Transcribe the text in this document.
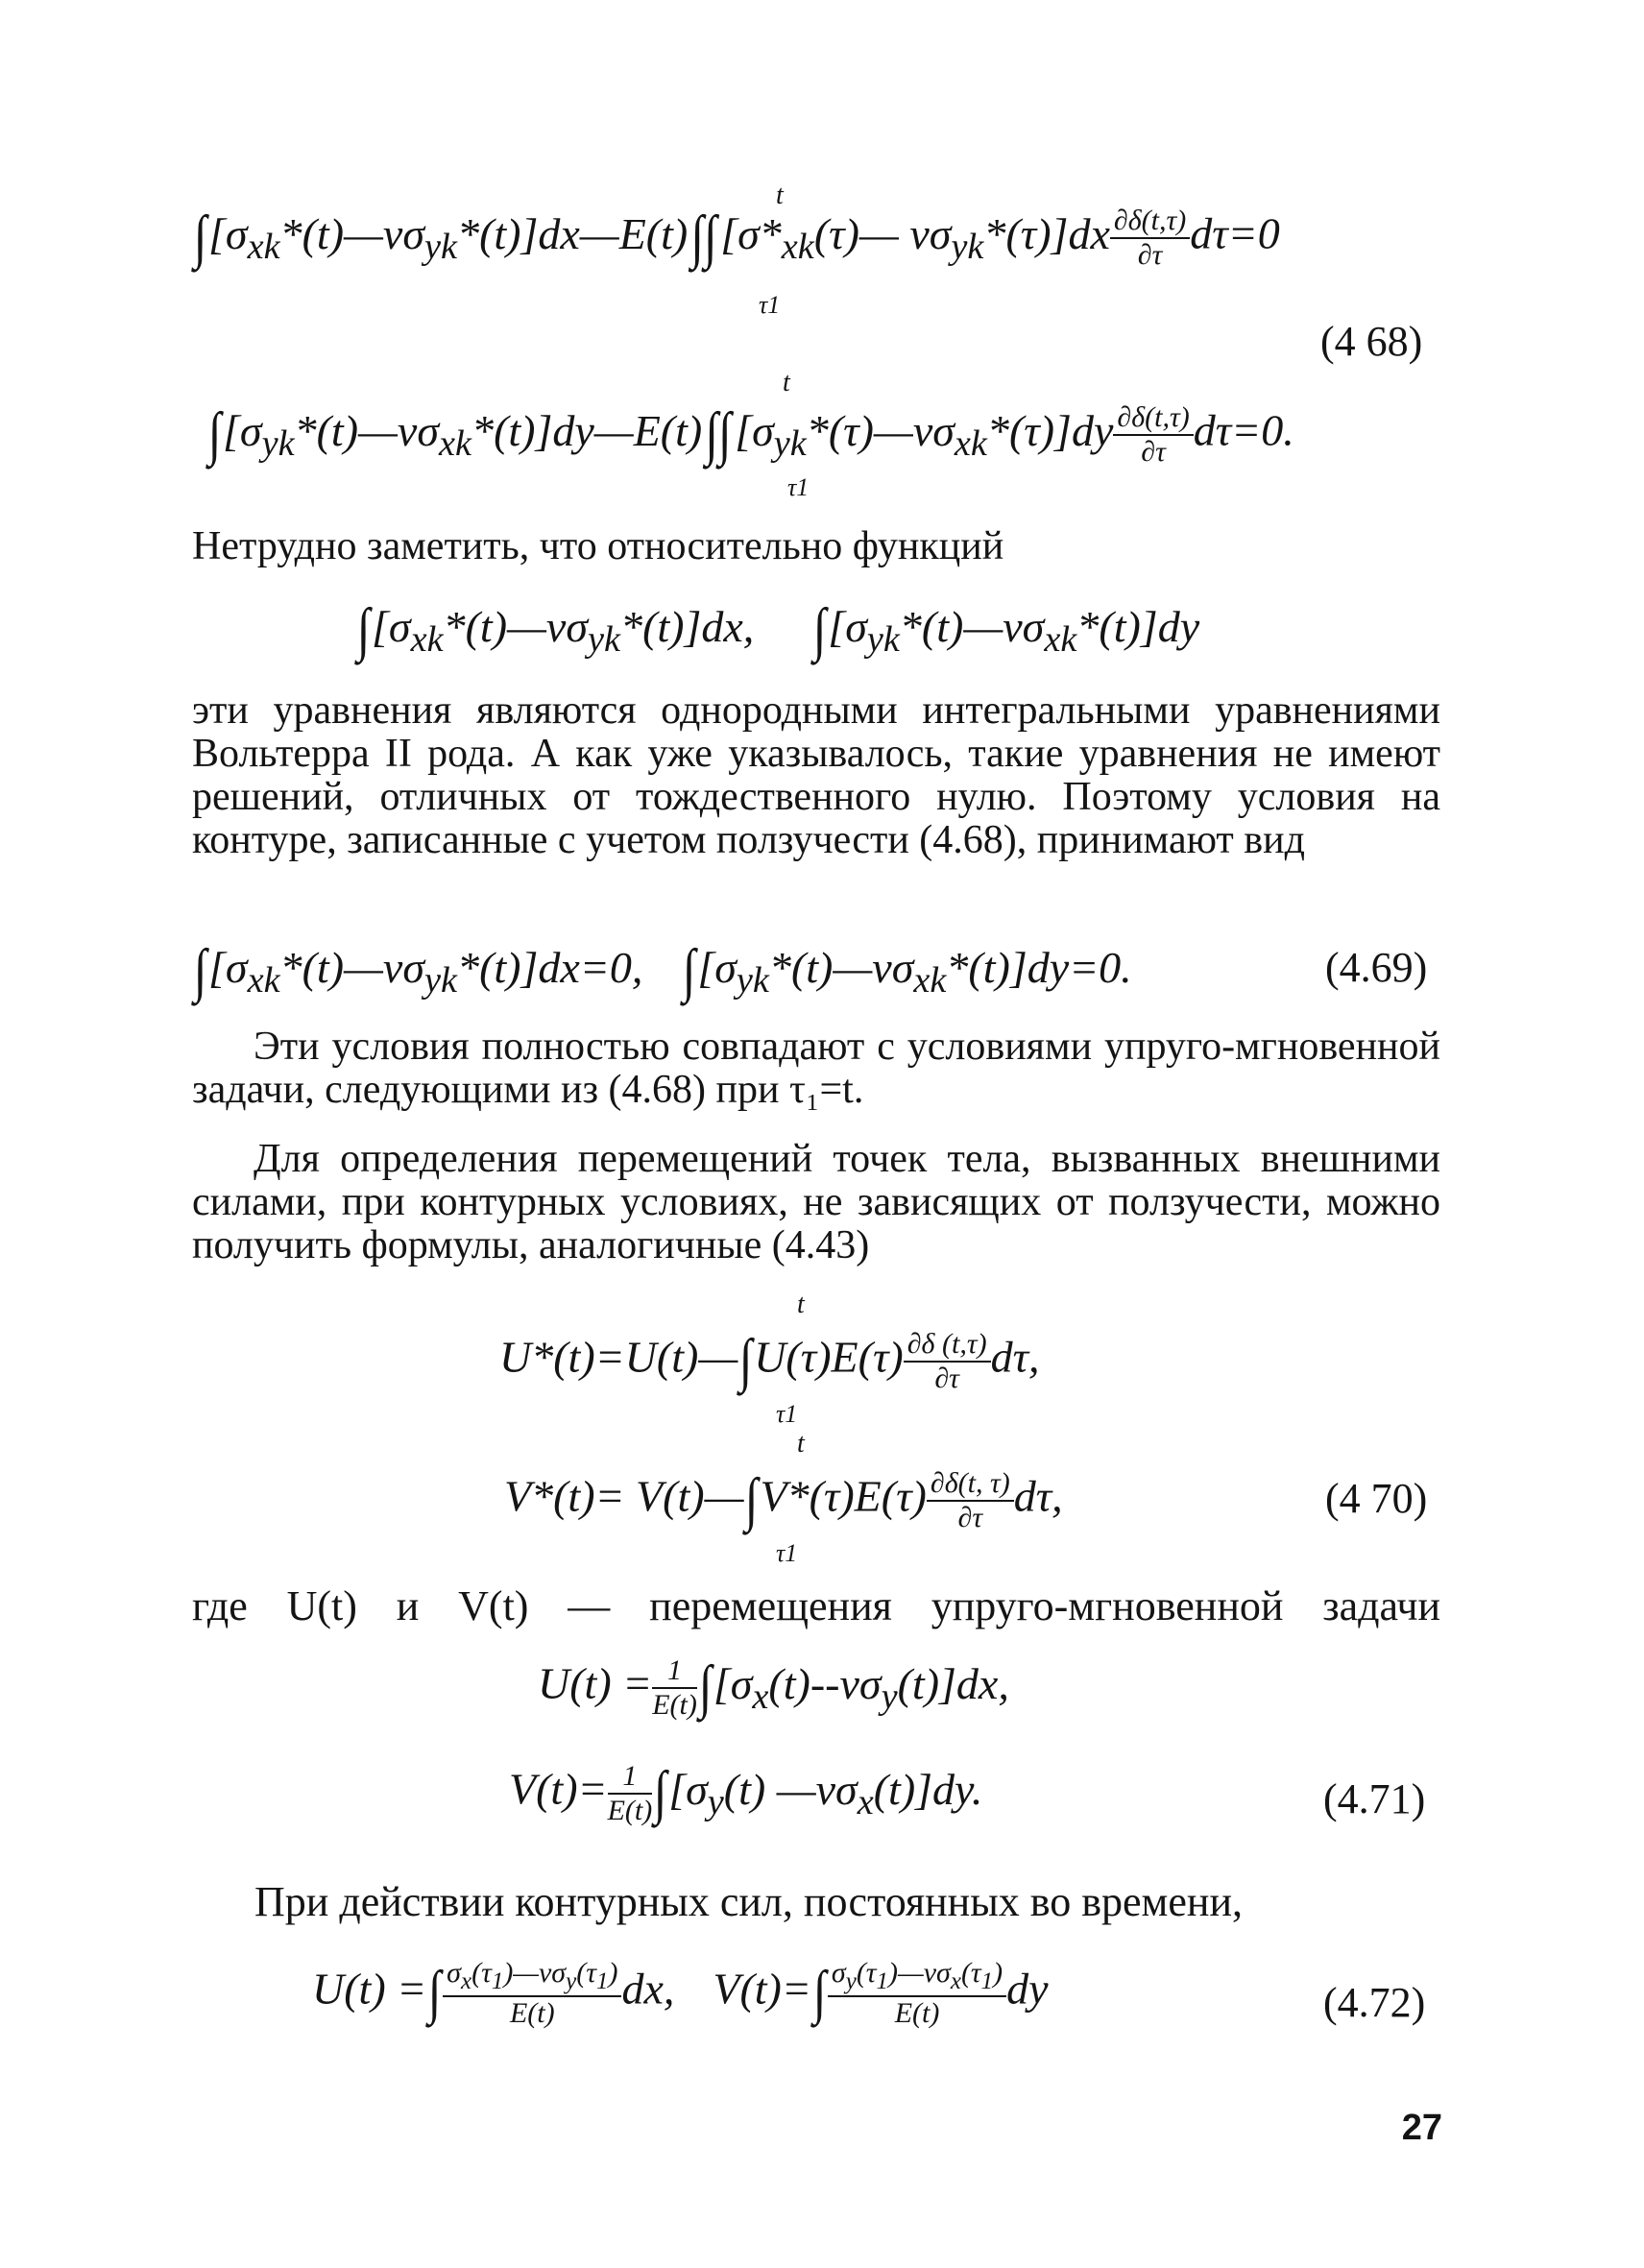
$\int[\sigma_{xk}*(t)—\nu\sigma_{yk}*(t)]dx—E(t)\int\int[\sigma*_{xk}(\tau)—$ $\nu\sigma_{yk}*(\tau)]dx \frac{\partial\delta(t,\tau)}{\partial\tau} d\tau=0$
t
τ1
(4 68)
$\int[\sigma_{yk}*(t)—\nu\sigma_{xk}*(t)]dy—E(t)\int\int[\sigma_{yk}*(\tau)—\nu\sigma_{xk}*(\tau)]dy \frac{\partial\delta(t,\tau)}{\partial\tau} d\tau=0$.
t
τ1
Нетрудно заметить, что относительно функций
$\int[\sigma_{xk}*(t)—\nu\sigma_{yk}*(t)]dx$, $\int[\sigma_{yk}*(t)—\nu\sigma_{xk}*(t)]dy$
эти уравнения являются однородными интегральными уравнениями Вольтерра II рода. А как уже указывалось, такие уравнения не имеют решений, отличных от тождественного нулю. Поэтому условия на контуре, записанные с учетом ползучести (4.68), принимают вид
$\int[\sigma_{xk}*(t)—\nu\sigma_{yk}*(t)]dx=0$, $\int[\sigma_{yk}*(t)—\nu\sigma_{xk}*(t)]dy=0$.	(4.69)
Эти условия полностью совпадают с условиями упруго-мгновенной задачи, следующими из (4.68) при τ₁=t.
Для определения перемещений точек тела, вызванных внешними силами, при контурных условиях, не зависящих от ползучести, можно получить формулы, аналогичные (4.43)
U*(t)=U(t)—∫U(τ)E(τ) $\frac{\partial\delta (t,\tau)}{\partial\tau} d\tau$,
t
τ1
V*(t)= V(t)—∫V*(τ)E(τ) $\frac{\partial\delta(t, \tau)}{\partial\tau} d\tau$,
t
τ1
(4 70)
где U(t) и V(t) — перемещения упруго-мгновенной задачи
$U(t) = \frac{1}{E(t)} \int[\sigma_x(t)--\nu\sigma_y(t)]dx$,
$V(t)= \frac{1}{E(t)} \int[\sigma_y(t)$ $—\nu\sigma_x(t)]dy$.	(4.71)
При действии контурных сил, постоянных во времени,
U(t) =∫ $\frac{\sigma_x(\tau_1)—\nu\sigma_y(\tau_1)}{E(t)}$ dx, $V(t)=\int \frac{\sigma_y(\tau_1)—\nu\sigma_x(\tau_1)}{E(t)}$ dy	(4.72)
27
